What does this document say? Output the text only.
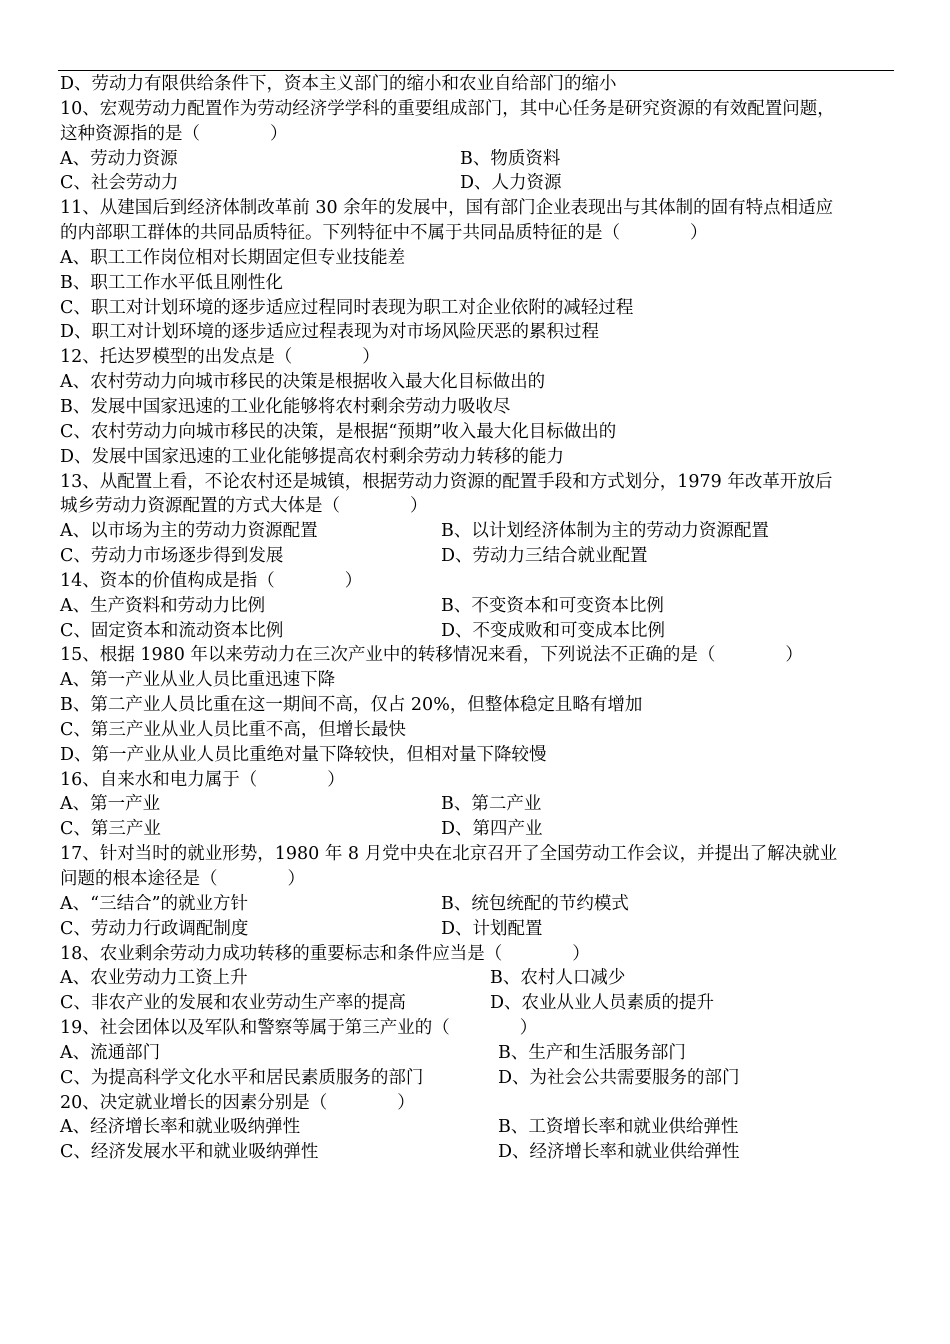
D、劳动力有限供给条件下，资本主义部门的缩小和农业自给部门的缩小
10、宏观劳动力配置作为劳动经济学学科的重要组成部门，其中心任务是研究资源的有效配置问题，
这种资源指的是（　　　　）
A、劳动力资源	B、物质资料
C、社会劳动力	D、人力资源
11、从建国后到经济体制改革前 30 余年的发展中，国有部门企业表现出与其体制的固有特点相适应
的内部职工群体的共同品质特征。下列特征中不属于共同品质特征的是（　　　　）
A、职工工作岗位相对长期固定但专业技能差
B、职工工作水平低且刚性化
C、职工对计划环境的逐步适应过程同时表现为职工对企业依附的减轻过程
D、职工对计划环境的逐步适应过程表现为对市场风险厌恶的累积过程
12、托达罗模型的出发点是（　　　　）
A、农村劳动力向城市移民的决策是根据收入最大化目标做出的
B、发展中国家迅速的工业化能够将农村剩余劳动力吸收尽
C、农村劳动力向城市移民的决策，是根据“预期”收入最大化目标做出的
D、发展中国家迅速的工业化能够提高农村剩余劳动力转移的能力
13、从配置上看，不论农村还是城镇，根据劳动力资源的配置手段和方式划分，1979 年改革开放后
城乡劳动力资源配置的方式大体是（　　　　）
A、以市场为主的劳动力资源配置	B、以计划经济体制为主的劳动力资源配置
C、劳动力市场逐步得到发展	D、劳动力三结合就业配置
14、资本的价值构成是指（　　　　）
A、生产资料和劳动力比例	B、不变资本和可变资本比例
C、固定资本和流动资本比例	D、不变成败和可变成本比例
15、根据 1980 年以来劳动力在三次产业中的转移情况来看，下列说法不正确的是（　　　　）
A、第一产业从业人员比重迅速下降
B、第二产业人员比重在这一期间不高，仅占 20%，但整体稳定且略有增加
C、第三产业从业人员比重不高，但增长最快
D、第一产业从业人员比重绝对量下降较快，但相对量下降较慢
16、自来水和电力属于（　　　　）
A、第一产业	B、第二产业
C、第三产业	D、第四产业
17、针对当时的就业形势，1980 年 8 月党中央在北京召开了全国劳动工作会议，并提出了解决就业
问题的根本途径是（　　　　）
A、“三结合”的就业方针	B、统包统配的节约模式
C、劳动力行政调配制度	D、计划配置
18、农业剩余劳动力成功转移的重要标志和条件应当是（　　　　）
A、农业劳动力工资上升	B、农村人口减少
C、非农产业的发展和农业劳动生产率的提高	D、农业从业人员素质的提升
19、社会团体以及军队和警察等属于第三产业的（　　　　）
A、流通部门	B、生产和生活服务部门
C、为提高科学文化水平和居民素质服务的部门	D、为社会公共需要服务的部门
20、决定就业增长的因素分别是（　　　　）
A、经济增长率和就业吸纳弹性	B、工资增长率和就业供给弹性
C、经济发展水平和就业吸纳弹性	D、经济增长率和就业供给弹性
